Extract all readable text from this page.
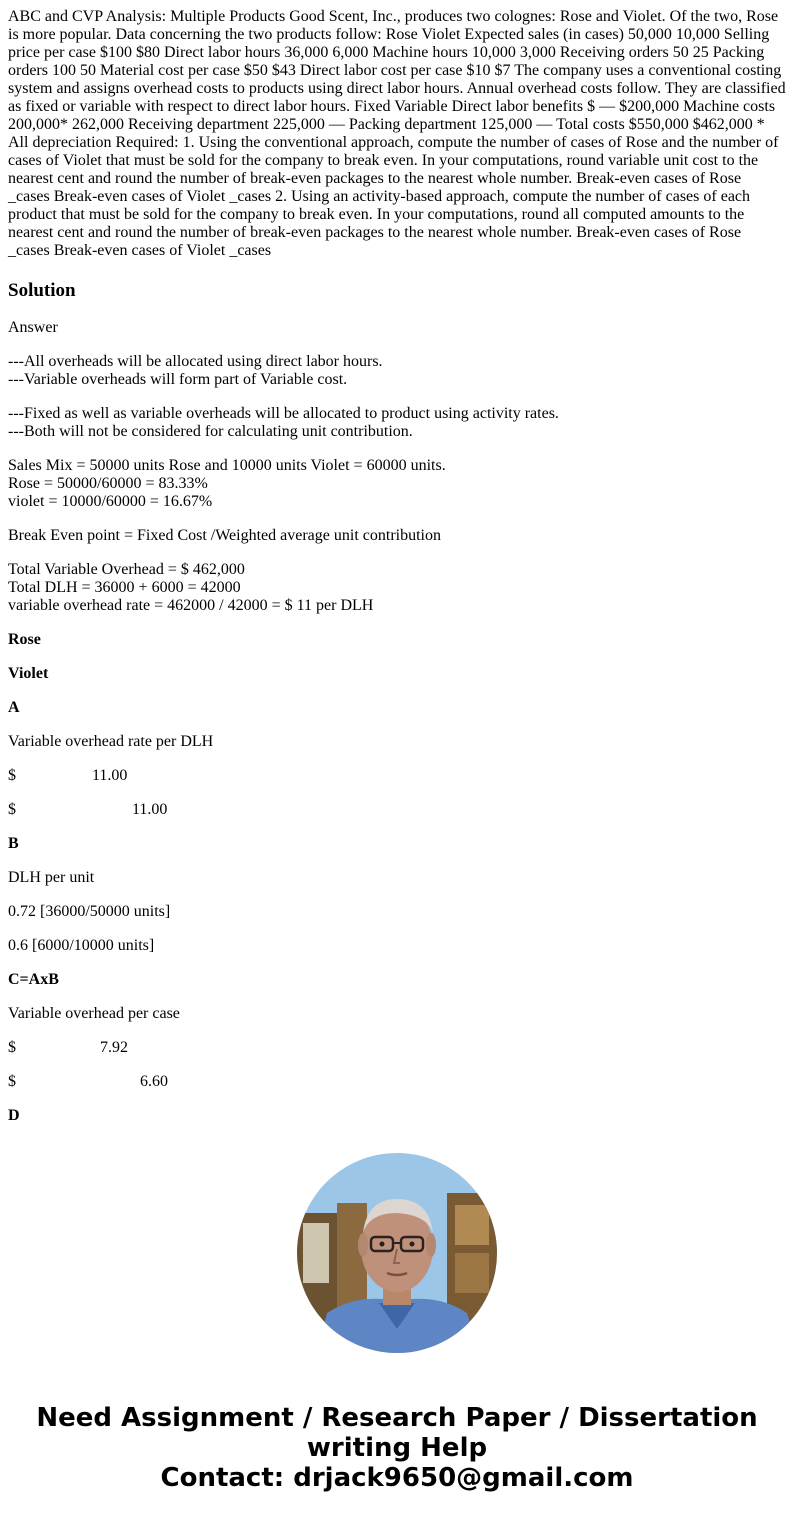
ABC and CVP Analysis: Multiple Products Good Scent, Inc., produces two colognes: Rose and Violet. Of the two, Rose is more popular. Data concerning the two products follow: Rose Violet Expected sales (in cases) 50,000 10,000 Selling price per case $100 $80 Direct labor hours 36,000 6,000 Machine hours 10,000 3,000 Receiving orders 50 25 Packing orders 100 50 Material cost per case $50 $43 Direct labor cost per case $10 $7 The company uses a conventional costing system and assigns overhead costs to products using direct labor hours. Annual overhead costs follow. They are classified as fixed or variable with respect to direct labor hours. Fixed Variable Direct labor benefits $ — $200,000 Machine costs 200,000* 262,000 Receiving department 225,000 — Packing department 125,000 — Total costs $550,000 $462,000 * All depreciation Required: 1. Using the conventional approach, compute the number of cases of Rose and the number of cases of Violet that must be sold for the company to break even. In your computations, round variable unit cost to the nearest cent and round the number of break-even packages to the nearest whole number. Break-even cases of Rose _cases Break-even cases of Violet _cases 2. Using an activity-based approach, compute the number of cases of each product that must be sold for the company to break even. In your computations, round all computed amounts to the nearest cent and round the number of break-even packages to the nearest whole number. Break-even cases of Rose _cases Break-even cases of Violet _cases

Solution

Answer

---All overheads will be allocated using direct labor hours.
---Variable overheads will form part of Variable cost.

---Fixed as well as variable overheads will be allocated to product using activity rates.
---Both will not be considered for calculating unit contribution.

Sales Mix = 50000 units Rose and 10000 units Violet = 60000 units.
Rose = 50000/60000 = 83.33%
violet = 10000/60000 = 16.67%

Break Even point = Fixed Cost /Weighted average unit contribution

Total Variable Overhead = $ 462,000
Total DLH = 36000 + 6000 = 42000
variable overhead rate = 462000 / 42000 = $ 11 per DLH

Rose

Violet

A

Variable overhead rate per DLH

$                   11.00

$                             11.00

B

DLH per unit

0.72 [36000/50000 units]

0.6 [6000/10000 units]

C=AxB

Variable overhead per case

$                     7.92

$                               6.60

D

Need Assignment / Research Paper / Dissertation
writing Help
Contact: drjack9650@gmail.com
